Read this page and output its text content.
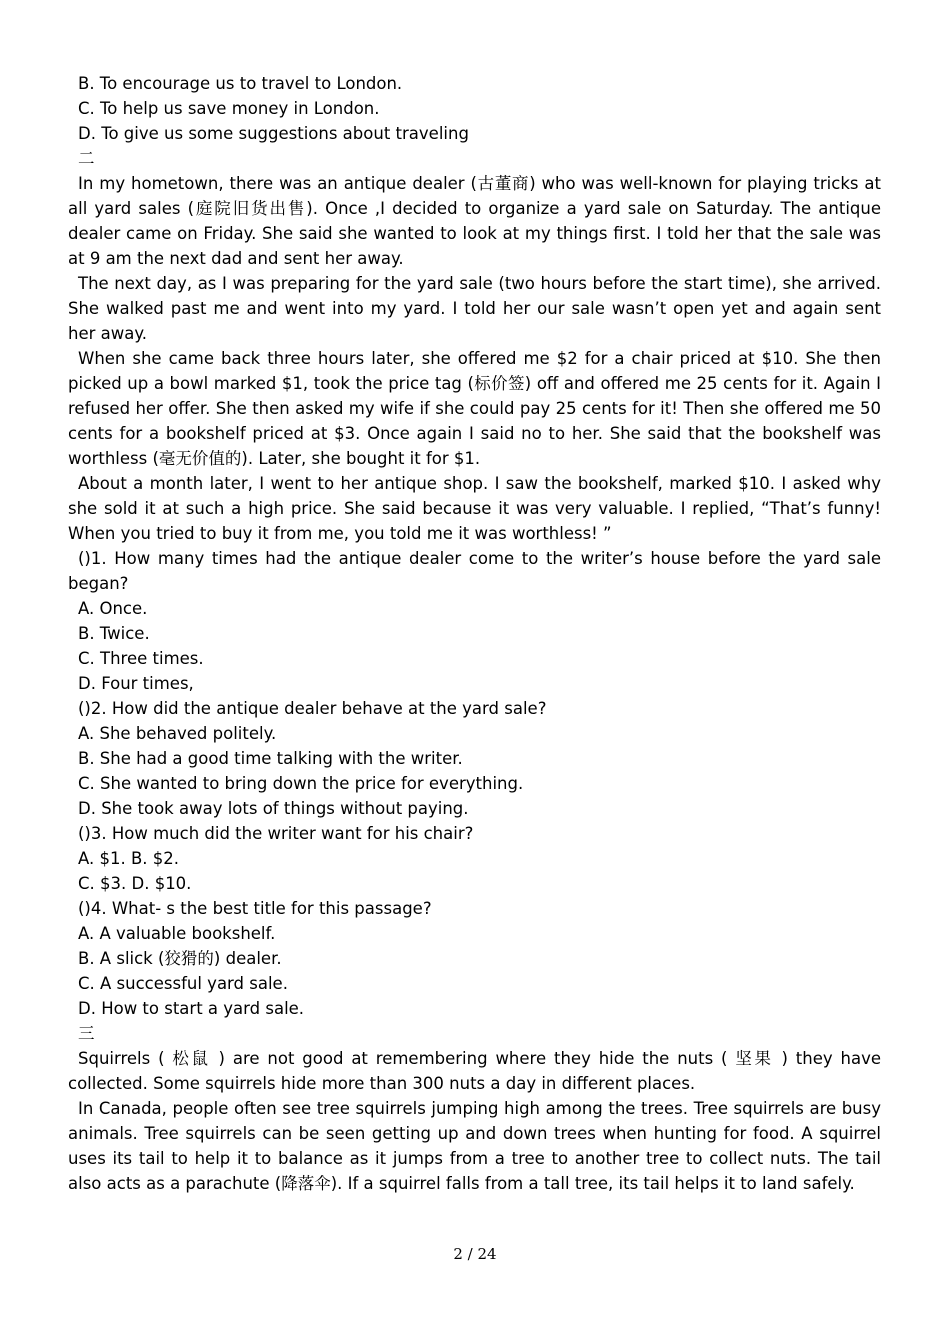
B. To encourage us to travel to London.

C. To help us save money in London.

D. To give us some suggestions about traveling

二

In my hometown, there was an antique dealer (古董商) who was well-known for playing tricks at all yard sales (庭院旧货出售). Once ,I decided to organize a yard sale on Saturday. The antique dealer came on Friday. She said she wanted to look at my things first. I told her that the sale was at 9 am the next dad and sent her away.

The next day, as I was preparing for the yard sale (two hours before the start time), she arrived. She walked past me and went into my yard. I told her our sale wasn’t open yet and again sent her away.

When she came back three hours later, she offered me $2 for a chair priced at $10. She then picked up a bowl marked $1, took the price tag (标价签) off and offered me 25 cents for it. Again I refused her offer. She then asked my wife if she could pay 25 cents for it! Then she offered me 50 cents for a bookshelf priced at $3. Once again I said no to her. She said that the bookshelf was worthless (毫无价值的). Later, she bought it for $1.

About a month later, I went to her antique shop. I saw the bookshelf, marked $10. I asked why she sold it at such a high price. She said because it was very valuable. I replied, “That’s funny! When you tried to buy it from me, you told me it was worthless! ”

()1. How many times had the antique dealer come to the writer’s house before the yard sale began?

A. Once.

B. Twice.

C. Three times.

D. Four times,

()2. How did the antique dealer behave at the yard sale?

A. She behaved politely.

B. She had a good time talking with the writer.

C. She wanted to bring down the price for everything.

D. She took away lots of things without paying.

()3. How much did the writer want for his chair?

A. $1. B. $2.

C. $3. D. $10.

()4. What- s the best title for this passage?

A. A valuable bookshelf.

B. A slick (狡猾的) dealer.

C. A successful yard sale.

D. How to start a yard sale.

三

Squirrels ( 松鼠 ) are not good at remembering where they hide the nuts ( 坚果 ) they have collected. Some squirrels hide more than 300 nuts a day in different places.

In Canada, people often see tree squirrels jumping high among the trees. Tree squirrels are busy animals. Tree squirrels can be seen getting up and down trees when hunting for food. A squirrel uses its tail to help it to balance as it jumps from a tree to another tree to collect nuts. The tail also acts as a parachute (降落伞). If a squirrel falls from a tall tree, its tail helps it to land safely.

2 / 24
